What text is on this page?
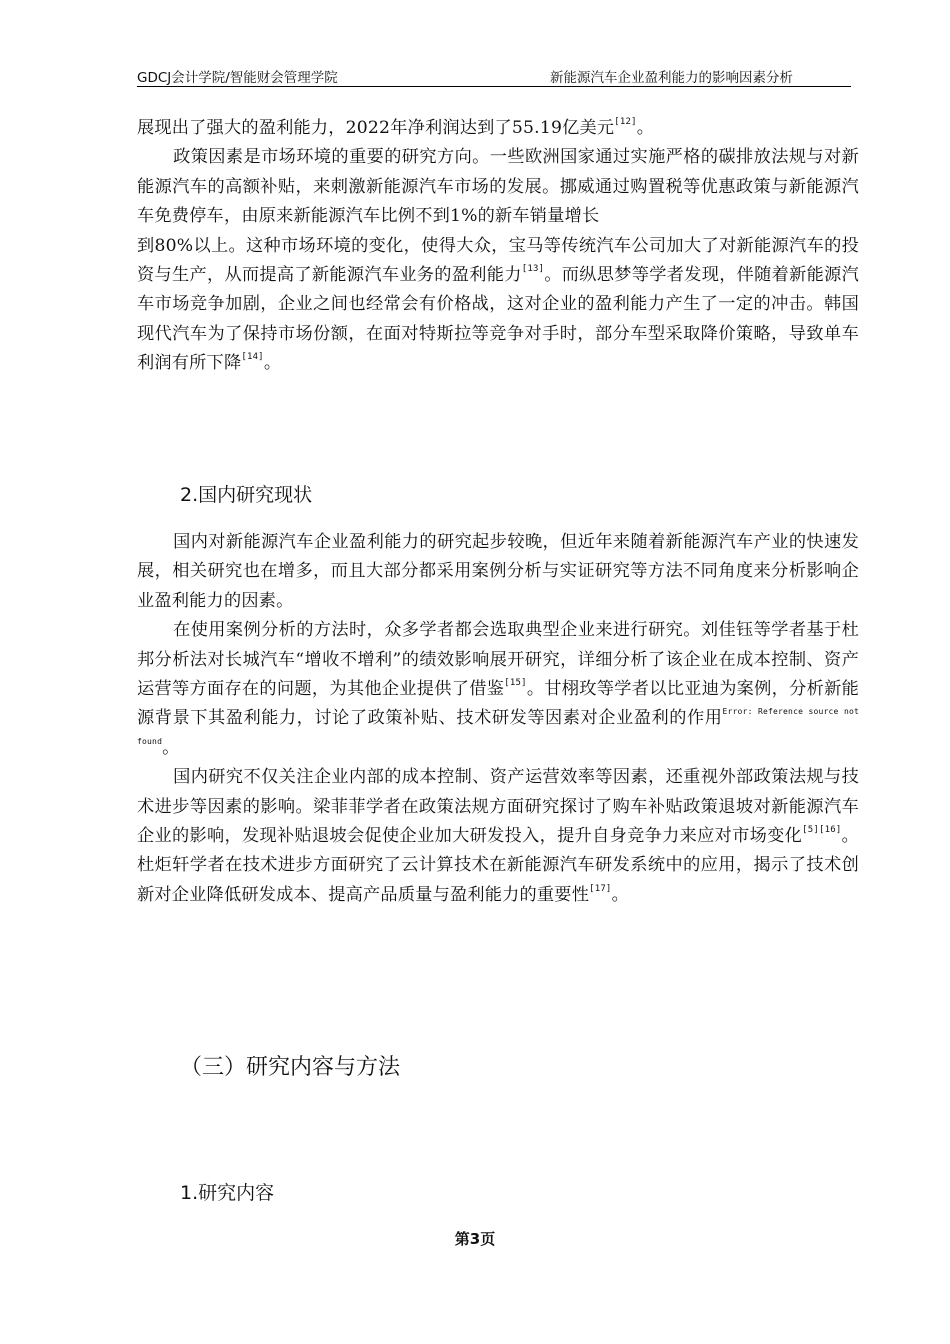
GDCJ会计学院/智能财会管理学院	新能源汽车企业盈利能力的影响因素分析

展现出了强大的盈利能力，2022年净利润达到了55.19亿美元[12]。

政策因素是市场环境的重要的研究方向。一些欧洲国家通过实施严格的碳排放法规与对新能源汽车的高额补贴，来刺激新能源汽车市场的发展。挪威通过购置税等优惠政策与新能源汽车免费停车，由原来新能源汽车比例不到1%的新车销量增长

到80%以上。这种市场环境的变化，使得大众，宝马等传统汽车公司加大了对新能源汽车的投资与生产，从而提高了新能源汽车业务的盈利能力[13]。而纵思梦等学者发现，伴随着新能源汽车市场竞争加剧，企业之间也经常会有价格战，这对企业的盈利能力产生了一定的冲击。韩国现代汽车为了保持市场份额，在面对特斯拉等竞争对手时，部分车型采取降价策略，导致单车利润有所下降[14]。

2.国内研究现状

国内对新能源汽车企业盈利能力的研究起步较晚，但近年来随着新能源汽车产业的快速发展，相关研究也在增多，而且大部分都采用案例分析与实证研究等方法不同角度来分析影响企业盈利能力的因素。

在使用案例分析的方法时，众多学者都会选取典型企业来进行研究。刘佳钰等学者基于杜邦分析法对长城汽车“增收不增利”的绩效影响展开研究，详细分析了该企业在成本控制、资产运营等方面存在的问题，为其他企业提供了借鉴[15]。甘栩玫等学者以比亚迪为案例，分析新能源背景下其盈利能力，讨论了政策补贴、技术研发等因素对企业盈利的作用$^{Error: Reference source not found}$。

国内研究不仅关注企业内部的成本控制、资产运营效率等因素，还重视外部政策法规与技术进步等因素的影响。梁菲菲学者在政策法规方面研究探讨了购车补贴政策退坡对新能源汽车企业的影响，发现补贴退坡会促使企业加大研发投入，提升自身竞争力来应对市场变化[5][16]。杜炬轩学者在技术进步方面研究了云计算技术在新能源汽车研发系统中的应用，揭示了技术创新对企业降低研发成本、提高产品质量与盈利能力的重要性[17]。

（三）研究内容与方法
1.研究内容
第3页
